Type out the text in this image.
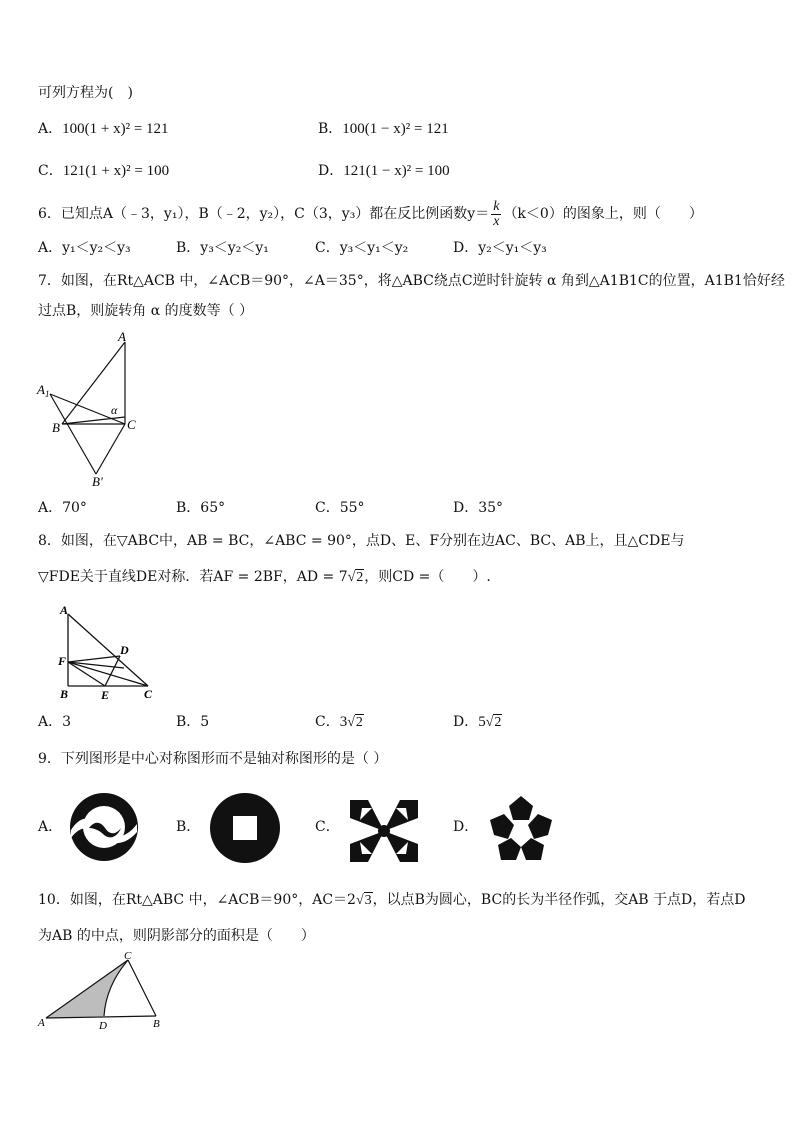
可列方程为(　)
A．100(1 + x)² = 121	B．100(1 − x)² = 121
C．121(1 + x)² = 100	D．121(1 − x)² = 100
6．已知点A（﹣3，y₁），B（﹣2，y₂），C（3，y₃）都在反比例函数$y= \frac{k}{x} (k<0)$的图象上，则（　　）
A．y₁＜y₂＜y₃	B．y₃＜y₂＜y₁	C．y₃＜y₁＜y₂	D．y₂＜y₁＜y₃
7．如图，在Rt△ACB 中，∠ACB＝90°，∠A＝35°，将△ABC绕点C逆时针旋转 α 角到△A1B1C的位置，A1B1恰好经
过点B，则旋转角 α 的度数等（ ）
A
$A_1$
α
B	C
B′
A．70°	B．65°	C．55°	D．35°
8．如图，在▽ABC中，AB = BC，∠ABC = 90°，点D、E、F分别在边AC、BC、AB上，且△CDE与
▽FDE关于直线DE对称．若AF = 2BF，AD = 7√2，则CD =（　　）.
A
F
D
B	E	C
A．3	B．5	C．3√2	D．5√2
9．下列图形是中心对称图形而不是轴对称图形的是（ ）
A．	B．	C．	D．
10．如图，在Rt△ABC 中，∠ACB＝90°，AC＝2√3，以点B为圆心，BC的长为半径作弧，交AB 于点D，若点D
为AB 的中点，则阴影部分的面积是（　　）
A
C
D	B
